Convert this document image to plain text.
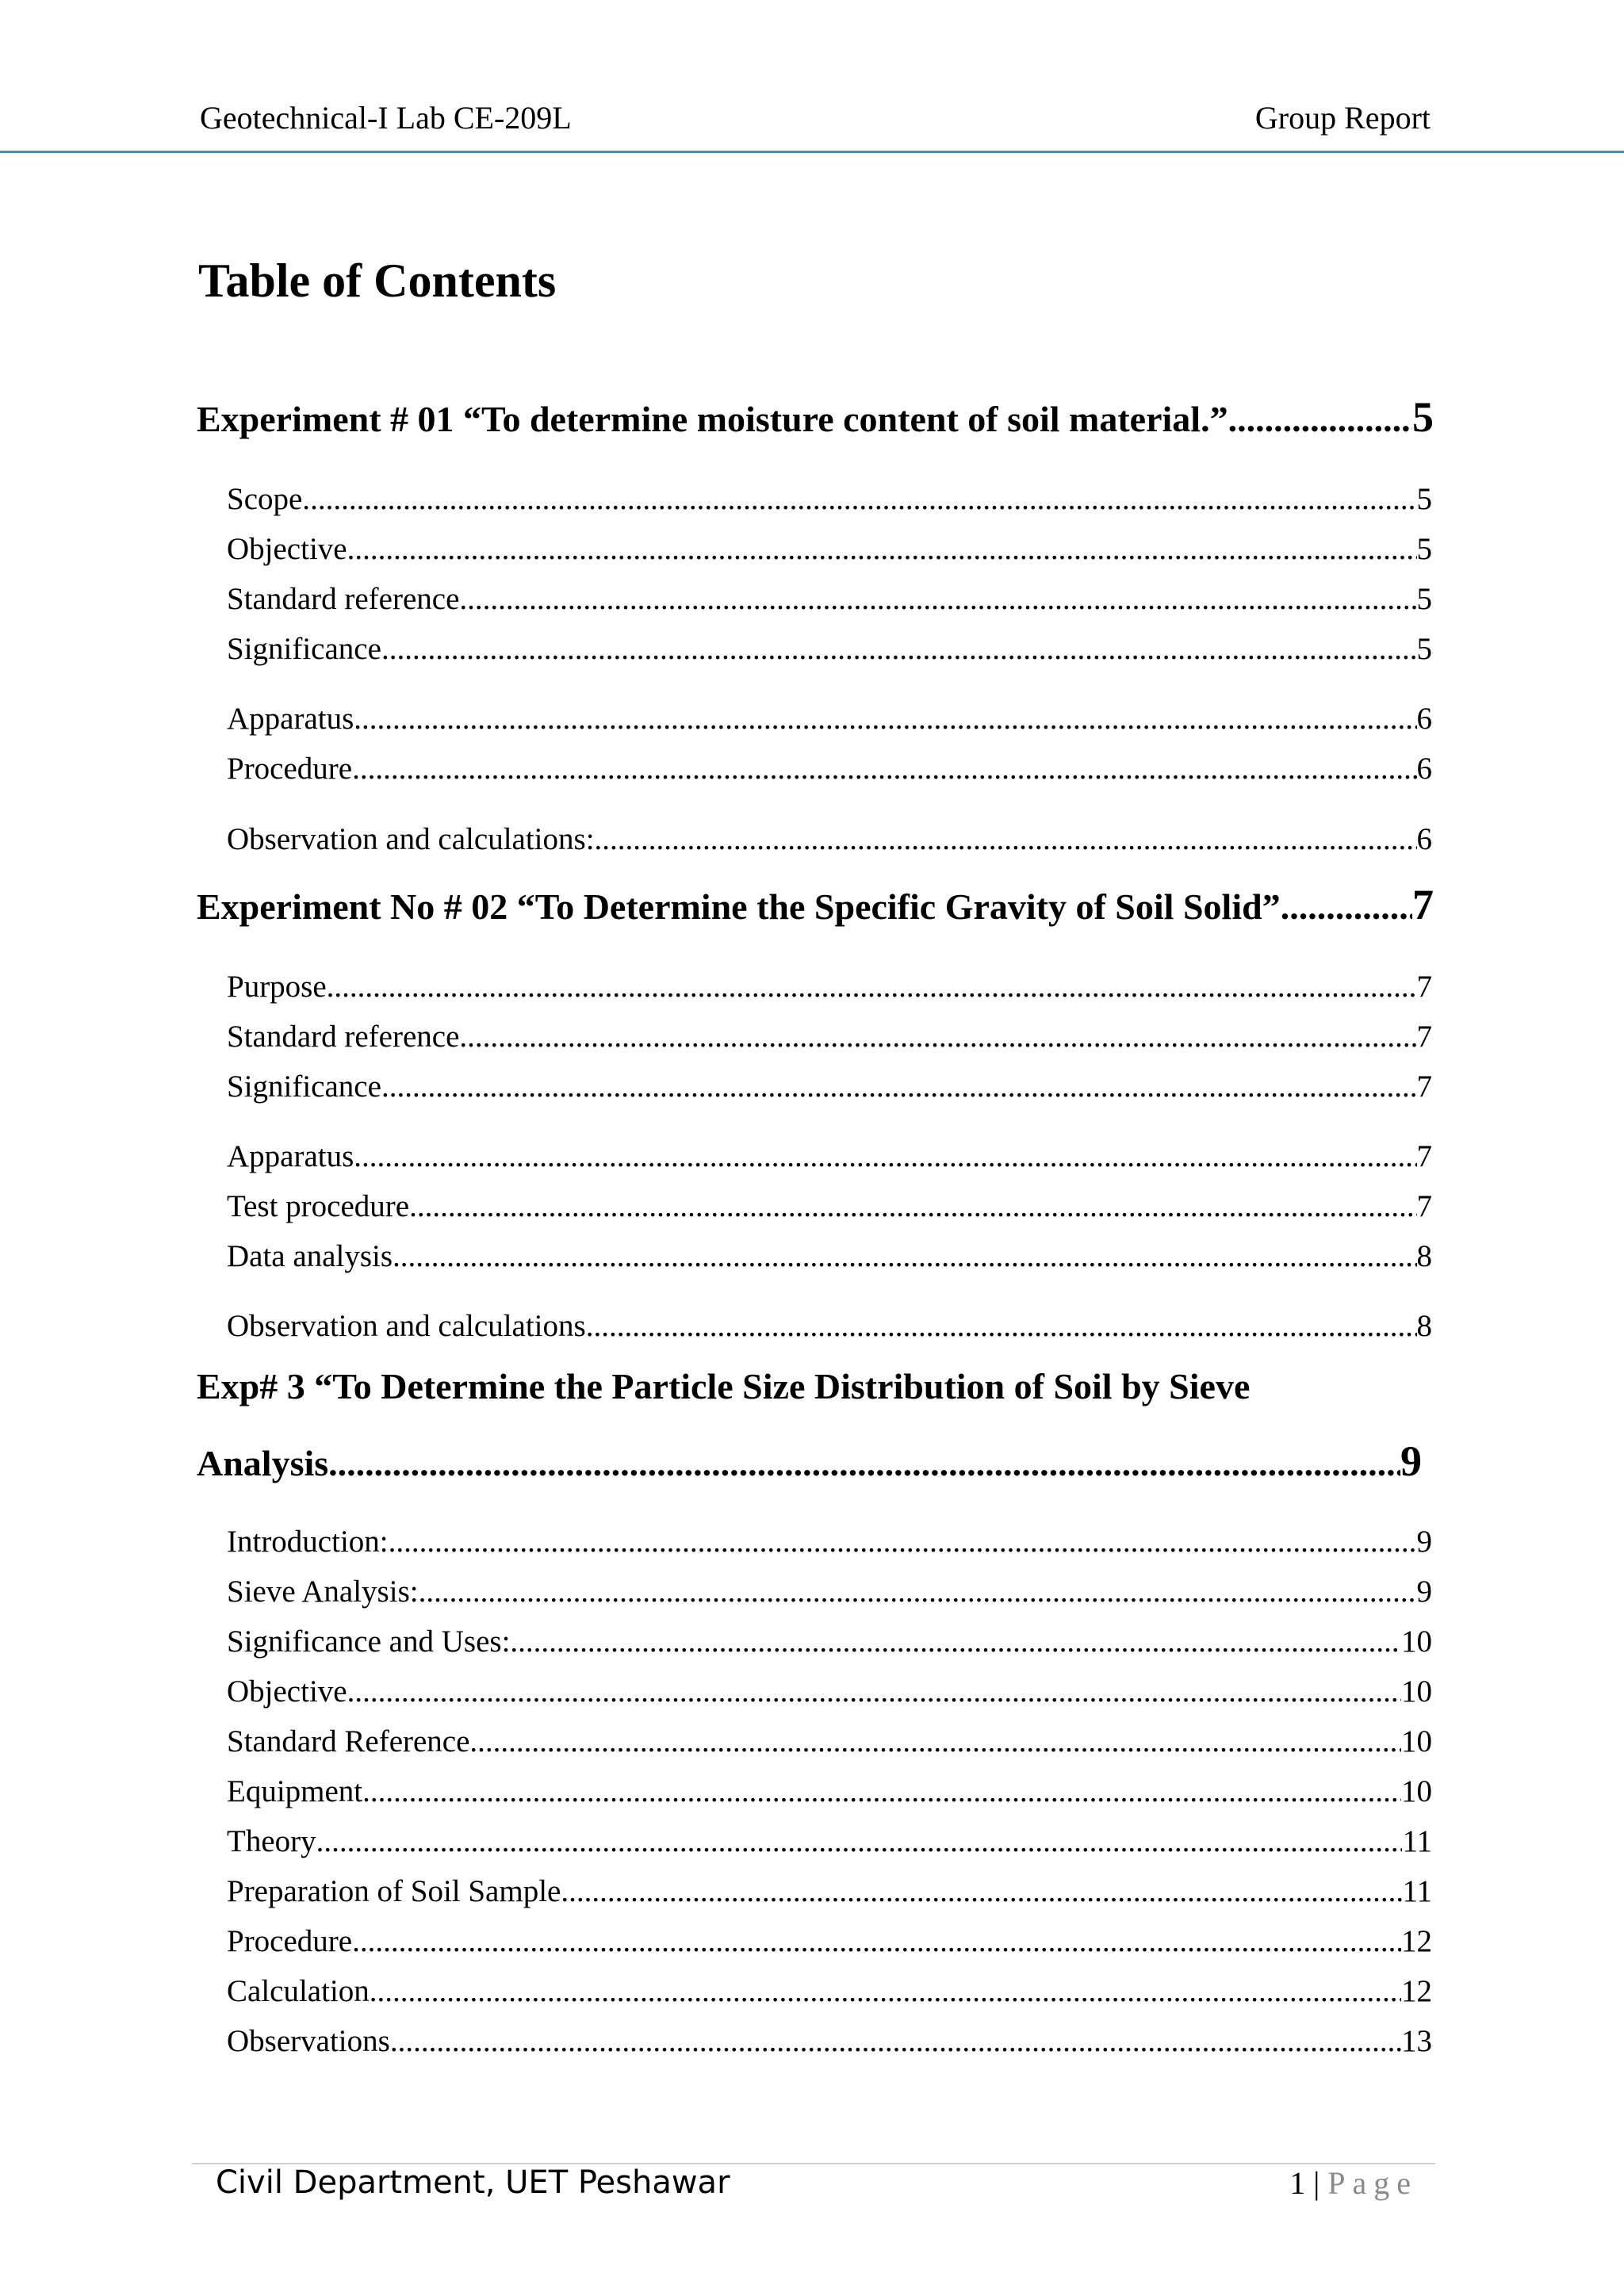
Geotechnical-I Lab CE-209L	Group Report
Table of Contents
Experiment # 01 “To determine moisture content of soil material.” .....	5
Scope. .....	5
Objective. .....	5
Standard reference. .....	5
Significance .....	5
Apparatus. .....	6
Procedure .....	6
Observation and calculations: .....	6
Experiment No # 02 “To Determine the Specific Gravity of Soil Solid” .....	7
Purpose .....	7
Standard reference .....	7
Significance .....	7
Apparatus .....	7
Test procedure .....	7
Data analysis .....	8
Observation and calculations .....	8
Exp# 3 “To Determine the Particle Size Distribution of Soil by Sieve
Analysis .....	9
Introduction: .....	9
Sieve Analysis: .....	9
Significance and Uses: .....	10
Objective .....	10
Standard Reference .....	10
Equipment .....	10
Theory .....	11
Preparation of Soil Sample .....	11
Procedure .....	12
Calculation .....	12
Observations .....	13
Civil Department, UET Peshawar	1 | Page
